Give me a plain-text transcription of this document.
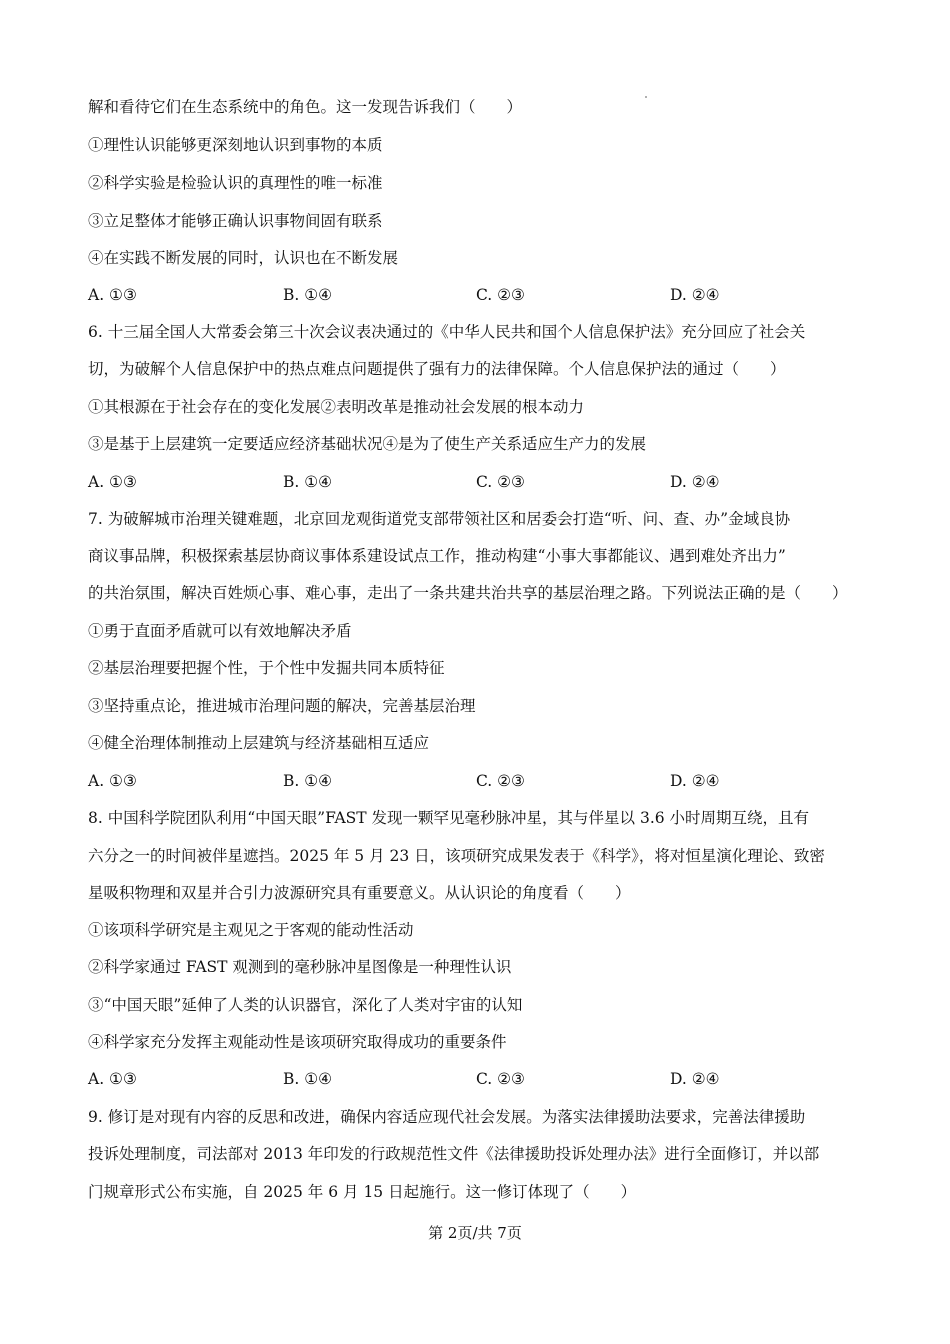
解和看待它们在生态系统中的角色。这一发现告诉我们（　　）
①理性认识能够更深刻地认识到事物的本质
②科学实验是检验认识的真理性的唯一标准
③立足整体才能够正确认识事物间固有联系
④在实践不断发展的同时，认识也在不断发展
A. ①③	B. ①④	C. ②③	D. ②④
6. 十三届全国人大常委会第三十次会议表决通过的《中华人民共和国个人信息保护法》充分回应了社会关
切，为破解个人信息保护中的热点难点问题提供了强有力的法律保障。个人信息保护法的通过（　　）
①其根源在于社会存在的变化发展②表明改革是推动社会发展的根本动力
③是基于上层建筑一定要适应经济基础状况④是为了使生产关系适应生产力的发展
A. ①③	B. ①④	C. ②③	D. ②④
7. 为破解城市治理关键难题，北京回龙观街道党支部带领社区和居委会打造“听、问、查、办”金域良协
商议事品牌，积极探索基层协商议事体系建设试点工作，推动构建“小事大事都能议、遇到难处齐出力”
的共治氛围，解决百姓烦心事、难心事，走出了一条共建共治共享的基层治理之路。下列说法正确的是（　　）
①勇于直面矛盾就可以有效地解决矛盾
②基层治理要把握个性，于个性中发掘共同本质特征
③坚持重点论，推进城市治理问题的解决，完善基层治理
④健全治理体制推动上层建筑与经济基础相互适应
A. ①③	B. ①④	C. ②③	D. ②④
8. 中国科学院团队利用“中国天眼”FAST 发现一颗罕见毫秒脉冲星，其与伴星以 3.6 小时周期互绕，且有
六分之一的时间被伴星遮挡。2025 年 5 月 23 日，该项研究成果发表于《科学》，将对恒星演化理论、致密
星吸积物理和双星并合引力波源研究具有重要意义。从认识论的角度看（　　）
①该项科学研究是主观见之于客观的能动性活动
②科学家通过 FAST 观测到的毫秒脉冲星图像是一种理性认识
③“中国天眼”延伸了人类的认识器官，深化了人类对宇宙的认知
④科学家充分发挥主观能动性是该项研究取得成功的重要条件
A. ①③	B. ①④	C. ②③	D. ②④
9. 修订是对现有内容的反思和改进，确保内容适应现代社会发展。为落实法律援助法要求，完善法律援助
投诉处理制度，司法部对 2013 年印发的行政规范性文件《法律援助投诉处理办法》进行全面修订，并以部
门规章形式公布实施，自 2025 年 6 月 15 日起施行。这一修订体现了（　　）
第 2页/共 7页
